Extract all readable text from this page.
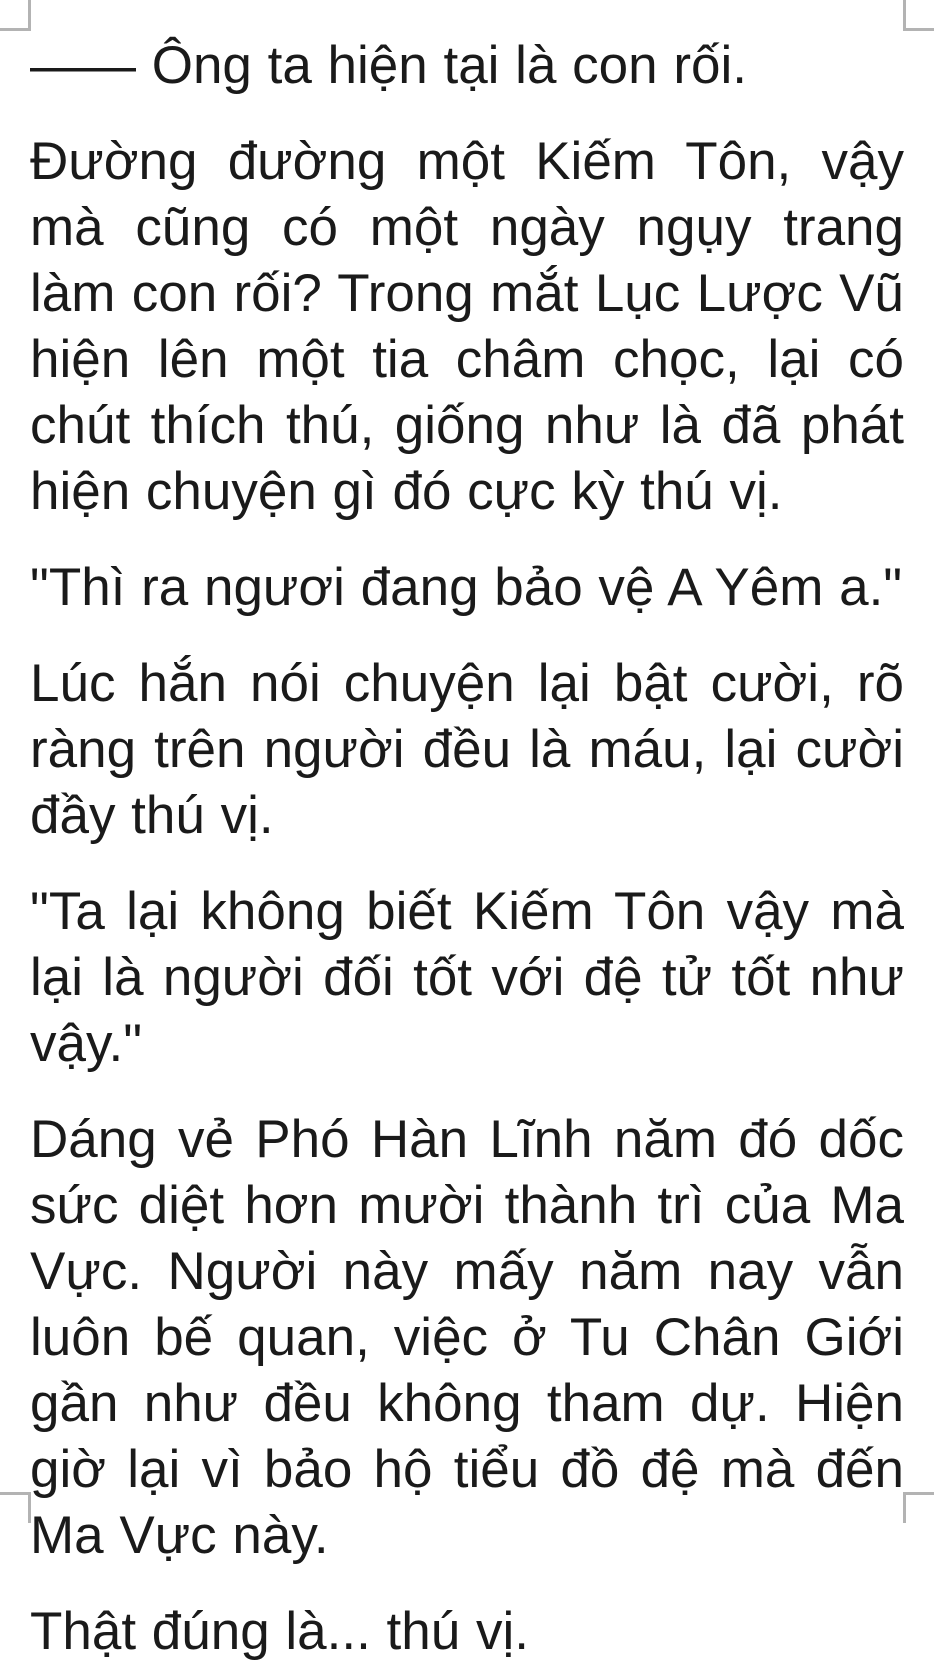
—— Ông ta hiện tại là con rối.

Đường đường một Kiếm Tôn, vậy mà cũng có một ngày ngụy trang làm con rối? Trong mắt Lục Lược Vũ hiện lên một tia châm chọc, lại có chút thích thú, giống như là đã phát hiện chuyện gì đó cực kỳ thú vị.

"Thì ra ngươi đang bảo vệ A Yêm a."

Lúc hắn nói chuyện lại bật cười, rõ ràng trên người đều là máu, lại cười đầy thú vị.

"Ta lại không biết Kiếm Tôn vậy mà lại là người đối tốt với đệ tử tốt như vậy."

Dáng vẻ Phó Hàn Lĩnh năm đó dốc sức diệt hơn mười thành trì của Ma Vực. Người này mấy năm nay vẫn luôn bế quan, việc ở Tu Chân Giới gần như đều không tham dự. Hiện giờ lại vì bảo hộ tiểu đồ đệ mà đến Ma Vực này.

Thật đúng là... thú vị.
